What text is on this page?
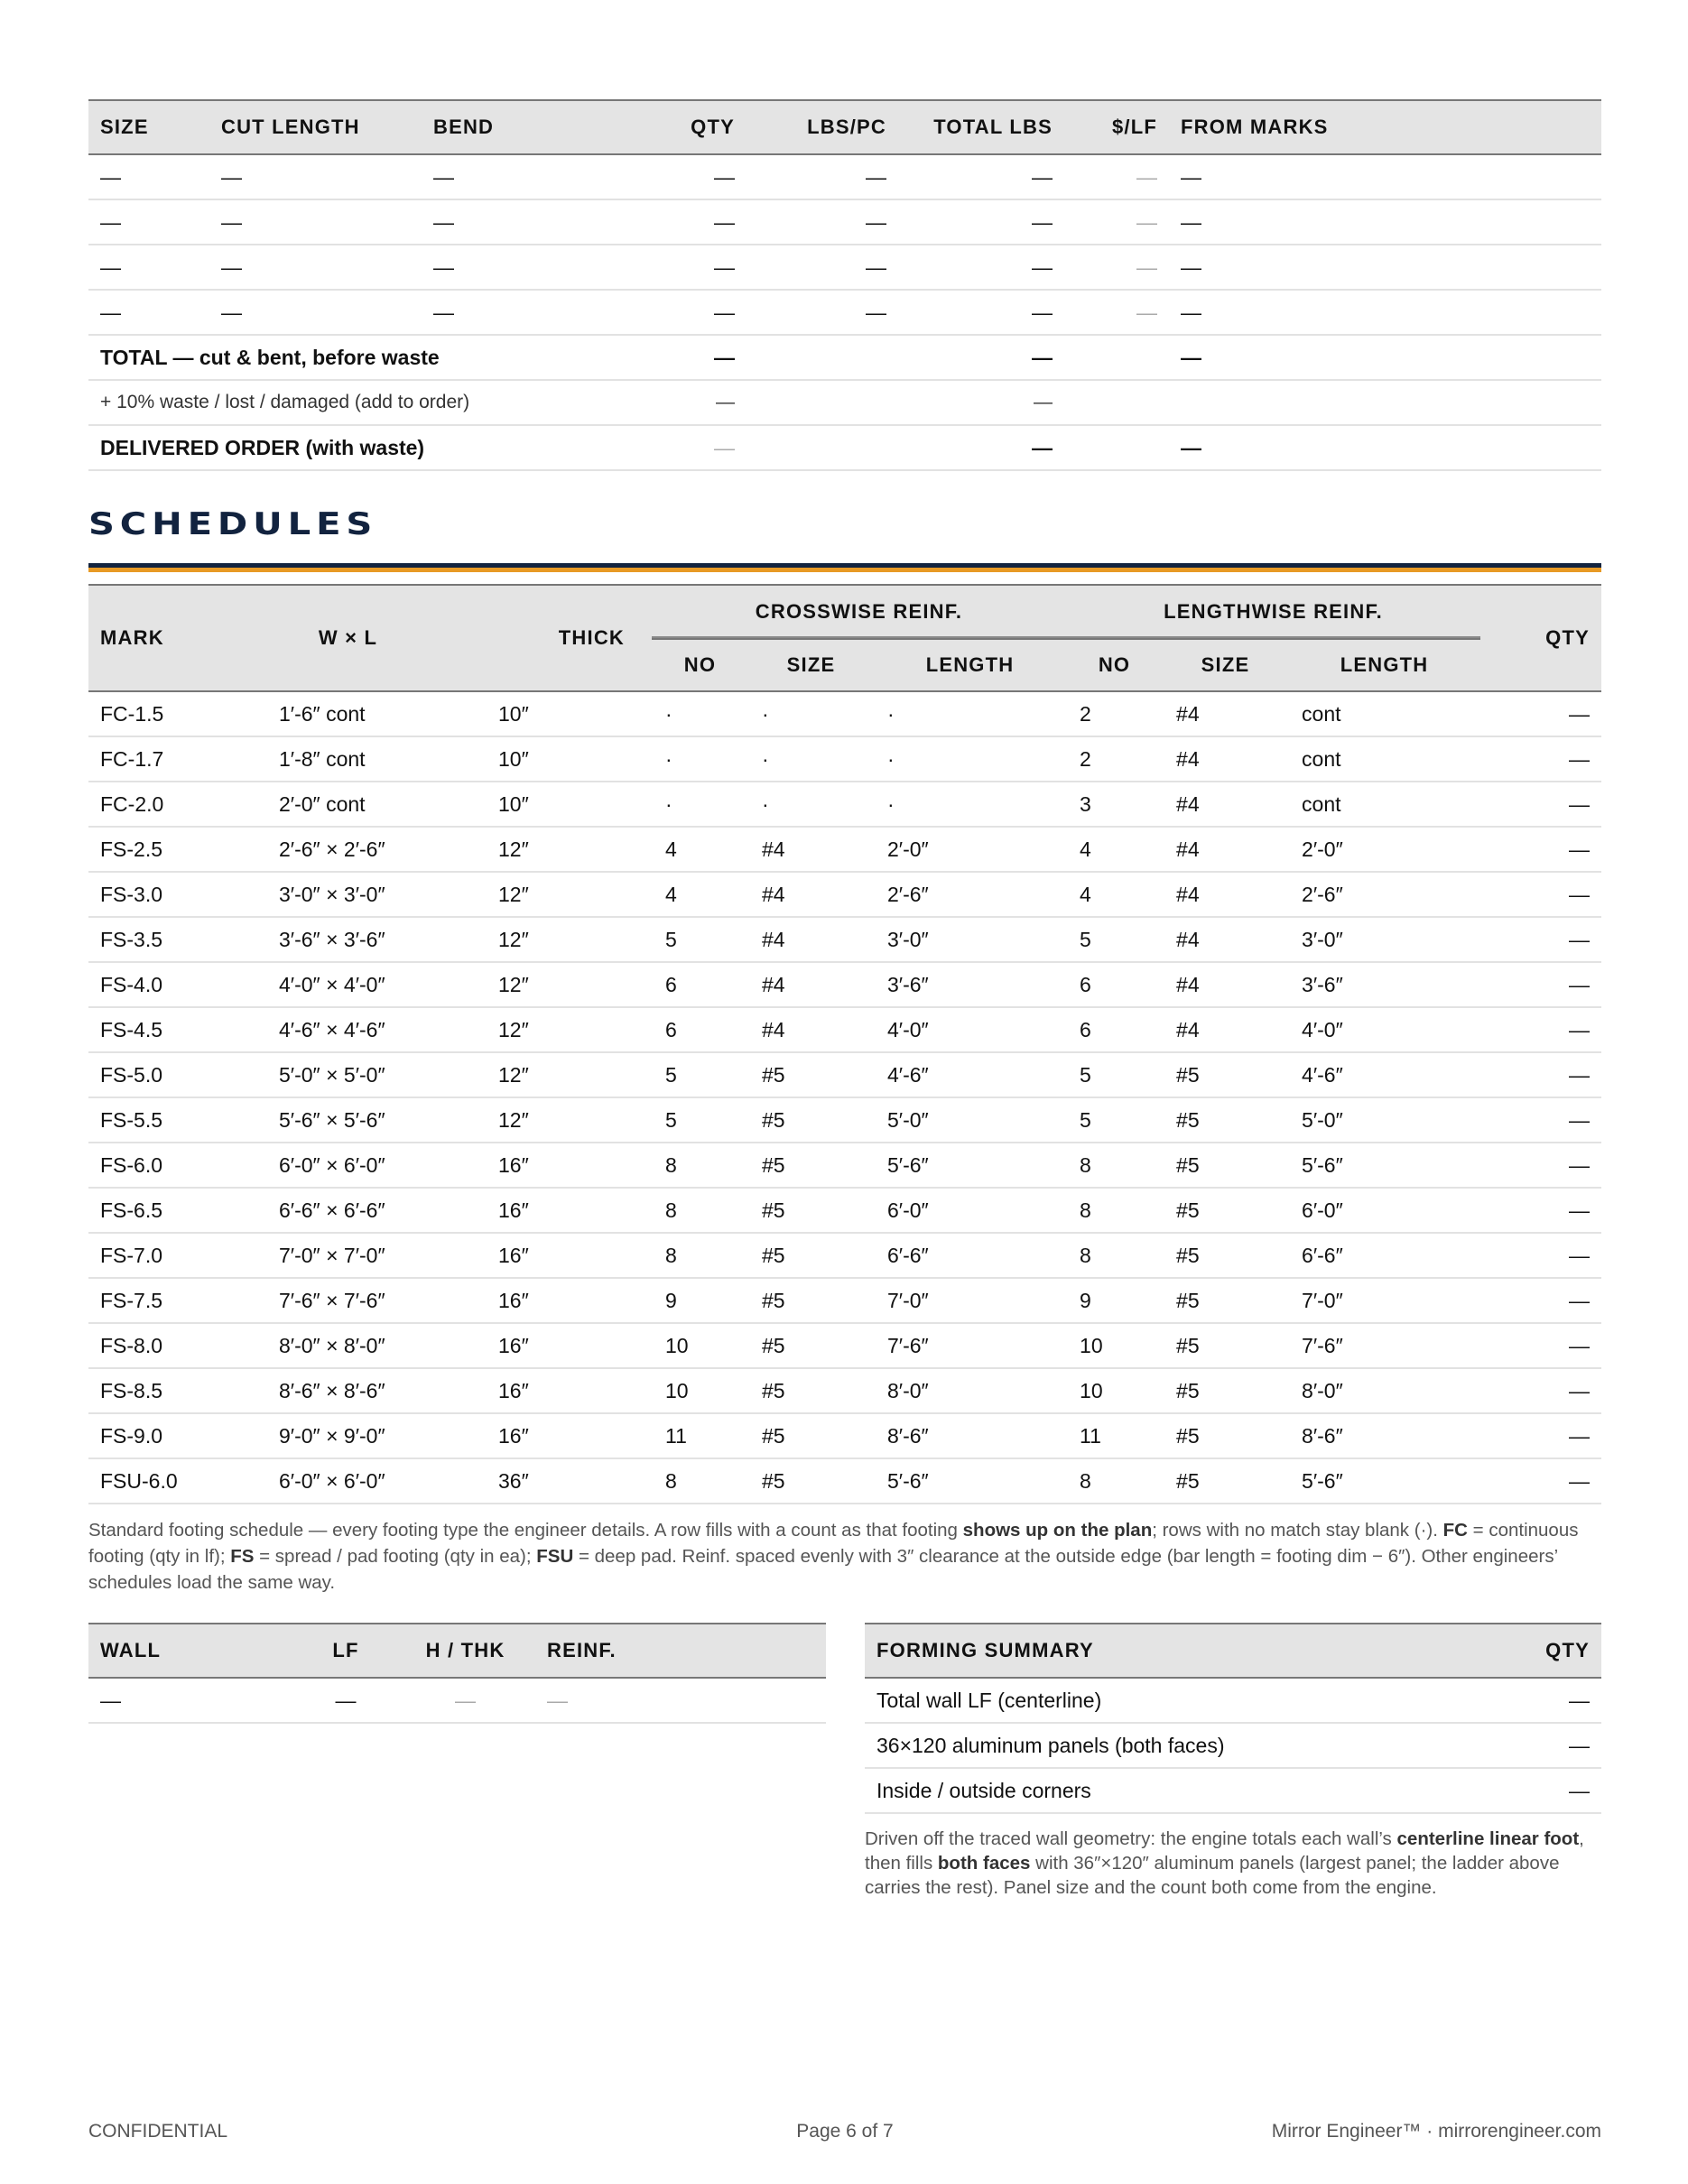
SIZE	CUT LENGTH	BEND	QTY	LBS/PC	TOTAL LBS	$/LF	FROM MARKS
—	—	—	—	—	—	—	—
—	—	—	—	—	—	—	—
—	—	—	—	—	—	—	—
—	—	—	—	—	—	—	—
TOTAL — cut & bent, before waste			—		—		—
+ 10% waste / lost / damaged (add to order)			—		—		
DELIVERED ORDER (with waste)			—		—		—
SCHEDULES
MARK	W × L	THICK	CROSSWISE REINF.			LENGTHWISE REINF.			QTY
			NO	SIZE	LENGTH	NO	SIZE	LENGTH	
FC-1.5	1′-6″ cont	10″	·	·	·	2	#4	cont	—
FC-1.7	1′-8″ cont	10″	·	·	·	2	#4	cont	—
FC-2.0	2′-0″ cont	10″	·	·	·	3	#4	cont	—
FS-2.5	2′-6″ × 2′-6″	12″	4	#4	2′-0″	4	#4	2′-0″	—
FS-3.0	3′-0″ × 3′-0″	12″	4	#4	2′-6″	4	#4	2′-6″	—
FS-3.5	3′-6″ × 3′-6″	12″	5	#4	3′-0″	5	#4	3′-0″	—
FS-4.0	4′-0″ × 4′-0″	12″	6	#4	3′-6″	6	#4	3′-6″	—
FS-4.5	4′-6″ × 4′-6″	12″	6	#4	4′-0″	6	#4	4′-0″	—
FS-5.0	5′-0″ × 5′-0″	12″	5	#5	4′-6″	5	#5	4′-6″	—
FS-5.5	5′-6″ × 5′-6″	12″	5	#5	5′-0″	5	#5	5′-0″	—
FS-6.0	6′-0″ × 6′-0″	16″	8	#5	5′-6″	8	#5	5′-6″	—
FS-6.5	6′-6″ × 6′-6″	16″	8	#5	6′-0″	8	#5	6′-0″	—
FS-7.0	7′-0″ × 7′-0″	16″	8	#5	6′-6″	8	#5	6′-6″	—
FS-7.5	7′-6″ × 7′-6″	16″	9	#5	7′-0″	9	#5	7′-0″	—
FS-8.0	8′-0″ × 8′-0″	16″	10	#5	7′-6″	10	#5	7′-6″	—
FS-8.5	8′-6″ × 8′-6″	16″	10	#5	8′-0″	10	#5	8′-0″	—
FS-9.0	9′-0″ × 9′-0″	16″	11	#5	8′-6″	11	#5	8′-6″	—
FSU-6.0	6′-0″ × 6′-0″	36″	8	#5	5′-6″	8	#5	5′-6″	—

Standard footing schedule — every footing type the engineer details. A row fills with a count as that footing shows up on the plan; rows with no match stay blank (·). FC = continuous footing (qty in lf); FS = spread / pad footing (qty in ea); FSU = deep pad. Reinf. spaced evenly with 3″ clearance at the outside edge (bar length = footing dim − 6″). Other engineers’ schedules load the same way.

WALL	LF	H / THK	REINF.
—	—	—	—
FORMING SUMMARY	QTY
Total wall LF (centerline)	—
36×120 aluminum panels (both faces)	—
Inside / outside corners	—

Driven off the traced wall geometry: the engine totals each wall’s centerline linear foot, then fills both faces with 36″×120″ aluminum panels (largest panel; the ladder above carries the rest). Panel size and the count both come from the engine.

CONFIDENTIAL	Page 6 of 7	Mirror Engineer™ · mirrorengineer.com
